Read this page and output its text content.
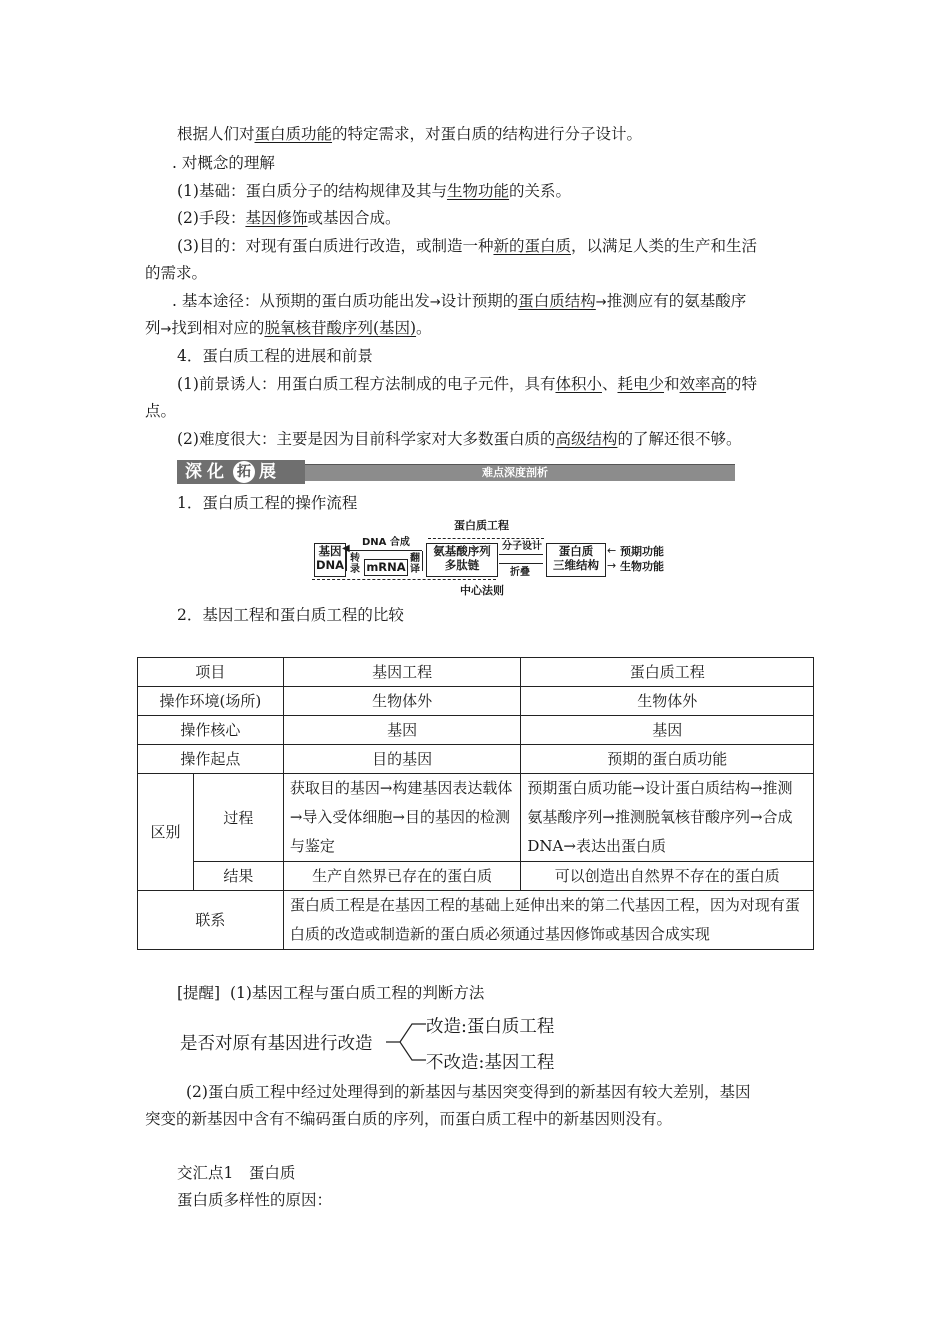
根据人们对蛋白质功能的特定需求，对蛋白质的结构进行分子设计。
. 对概念的理解
(1)基础：蛋白质分子的结构规律及其与生物功能的关系。
(2)手段：基因修饰或基因合成。
(3)目的：对现有蛋白质进行改造，或制造一种新的蛋白质，以满足人类的生产和生活
的需求。
. 基本途径：从预期的蛋白质功能出发→设计预期的蛋白质结构→推测应有的氨基酸序
列→找到相对应的脱氧核苷酸序列(基因)。
4．蛋白质工程的进展和前景
(1)前景诱人：用蛋白质工程方法制成的电子元件，具有体积小、耗电少和效率高的特
点。
(2)难度很大：主要是因为目前科学家对大多数蛋白质的高级结构的了解还很不够。
深 化 拓 展	难点深度剖析
1．蛋白质工程的操作流程
蛋白质工程
基因
DNA
DNA 合成
◀
转
录 mRNA
翻
译
氨基酸序列
多肽链
分子设计
折叠
蛋白质
三维结构
← 预期功能
→ 生物功能
中心法则
2．基因工程和蛋白质工程的比较
项目		基因工程	蛋白质工程
操作环境(场所)		生物体外	生物体外
操作核心		基因	基因
操作起点		目的基因	预期的蛋白质功能
区别	过程	获取目的基因→构建基因表达载体→导入受体细胞→目的基因的检测与鉴定	预期蛋白质功能→设计蛋白质结构→推测氨基酸序列→推测脱氧核苷酸序列→合成DNA→表达出蛋白质
	结果	生产自然界已存在的蛋白质	可以创造出自然界不存在的蛋白质
联系		蛋白质工程是在基因工程的基础上延伸出来的第二代基因工程，因为对现有蛋白质的改造或制造新的蛋白质必须通过基因修饰或基因合成实现	
[提醒] (1)基因工程与蛋白质工程的判断方法
是否对原有基因进行改造
改造:蛋白质工程
不改造:基因工程
(2)蛋白质工程中经过处理得到的新基因与基因突变得到的新基因有较大差别，基因
突变的新基因中含有不编码蛋白质的序列，而蛋白质工程中的新基因则没有。
交汇点1　蛋白质
蛋白质多样性的原因：
